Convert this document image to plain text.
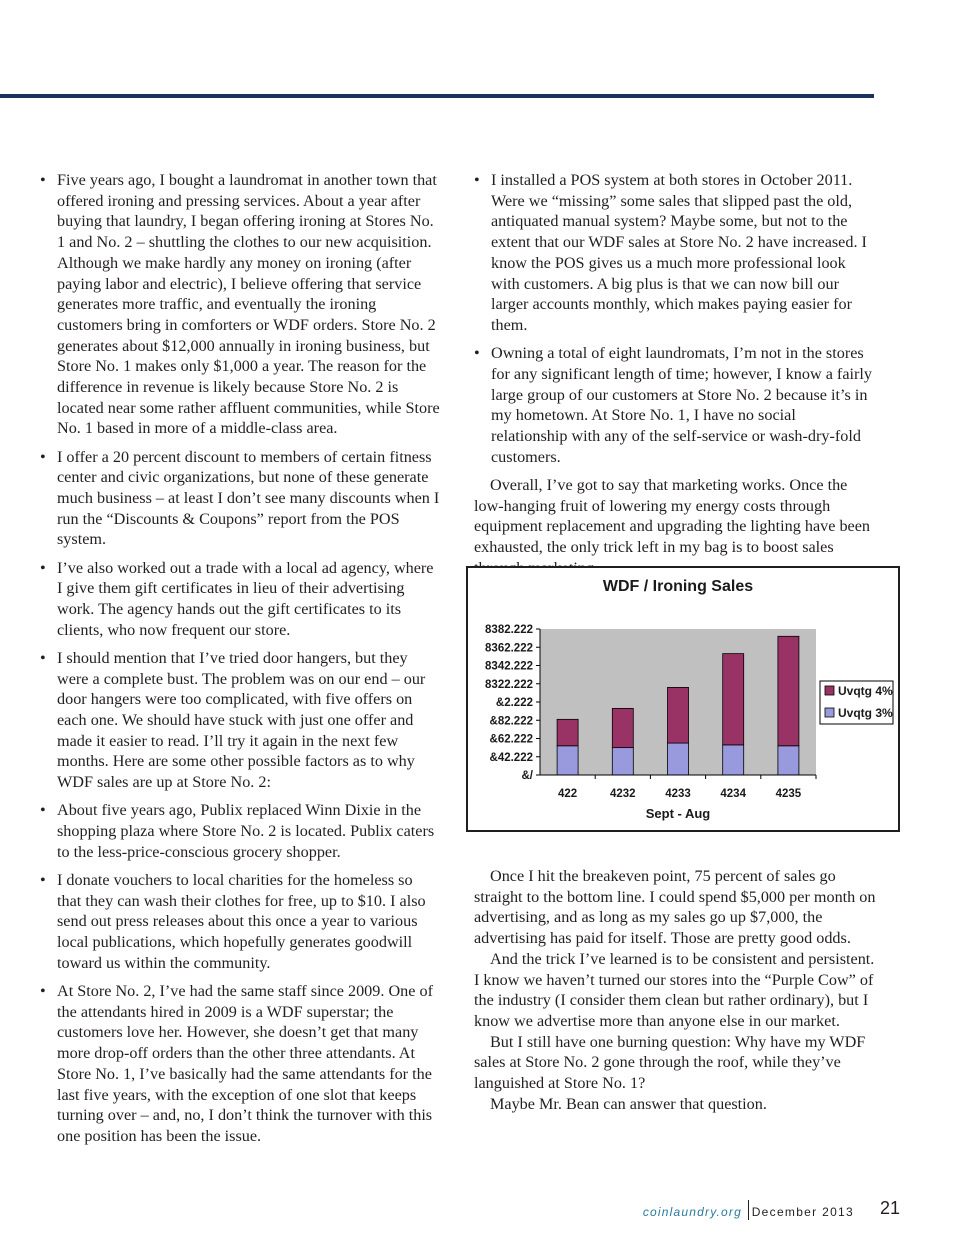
• Five years ago, I bought a laundromat in another town that offered ironing and pressing services. About a year after buying that laundry, I began offering ironing at Stores No. 1 and No. 2 – shuttling the clothes to our new acquisition. Although we make hardly any money on ironing (after paying labor and electric), I believe offering that service generates more traffic, and eventually the ironing customers bring in comforters or WDF orders. Store No. 2 generates about $12,000 annually in ironing business, but Store No. 1 makes only $1,000 a year. The reason for the difference in revenue is likely because Store No. 2 is located near some rather affluent communities, while Store No. 1 based in more of a middle-class area.
• I offer a 20 percent discount to members of certain fitness center and civic organizations, but none of these generate much business – at least I don’t see many discounts when I run the “Discounts & Coupons” report from the POS system.
• I’ve also worked out a trade with a local ad agency, where I give them gift certificates in lieu of their advertising work. The agency hands out the gift certificates to its clients, who now frequent our store.
• I should mention that I’ve tried door hangers, but they were a complete bust. The problem was on our end – our door hangers were too complicated, with five offers on each one. We should have stuck with just one offer and made it easier to read. I’ll try it again in the next few months. Here are some other possible factors as to why WDF sales are up at Store No. 2:
• About five years ago, Publix replaced Winn Dixie in the shopping plaza where Store No. 2 is located. Publix caters to the less-price-conscious grocery shopper.
• I donate vouchers to local charities for the homeless so that they can wash their clothes for free, up to $10. I also send out press releases about this once a year to various local publications, which hopefully generates goodwill toward us within the community.
• At Store No. 2, I’ve had the same staff since 2009. One of the attendants hired in 2009 is a WDF superstar; the customers love her. However, she doesn’t get that many more drop-off orders than the other three attendants. At Store No. 1, I’ve basically had the same attendants for the last five years, with the exception of one slot that keeps turning over – and, no, I don’t think the turnover with this one position has been the issue.
• I installed a POS system at both stores in October 2011. Were we “missing” some sales that slipped past the old, antiquated manual system? Maybe some, but not to the extent that our WDF sales at Store No. 2 have increased. I know the POS gives us a much more professional look with customers. A big plus is that we can now bill our larger accounts monthly, which makes paying easier for them.
• Owning a total of eight laundromats, I’m not in the stores for any significant length of time; however, I know a fairly large group of our customers at Store No. 2 because it’s in my hometown. At Store No. 1, I have no social relationship with any of the self-service or wash-dry-fold customers.

Overall, I’ve got to say that marketing works. Once the low-hanging fruit of lowering my energy costs through equipment replacement and upgrading the lighting have been exhausted, the only trick left in my bag is to boost sales

WDF / Ironing Sales
&/
&42.222
&62.222
&82.222
&2.222
8322.222
8342.222
8362.222
8382.222
422	4232	4233	4234	4235
Sept - Aug
Uvqtg 4%
Uvqtg 3%

Once I hit the breakeven point, 75 percent of sales go straight to the bottom line. I could spend $5,000 per month on advertising, and as long as my sales go up $7,000, the advertising has paid for itself. Those are pretty good odds.

And the trick I’ve learned is to be consistent and persistent. I know we haven’t turned our stores into the “Purple Cow” of the industry (I consider them clean but rather ordinary), but I know we advertise more than anyone else in our market.

But I still have one burning question: Why have my WDF sales at Store No. 2 gone through the roof, while they’ve languished at Store No. 1?

Maybe Mr. Bean can answer that question.

coinlaundry.org December 2013 21
